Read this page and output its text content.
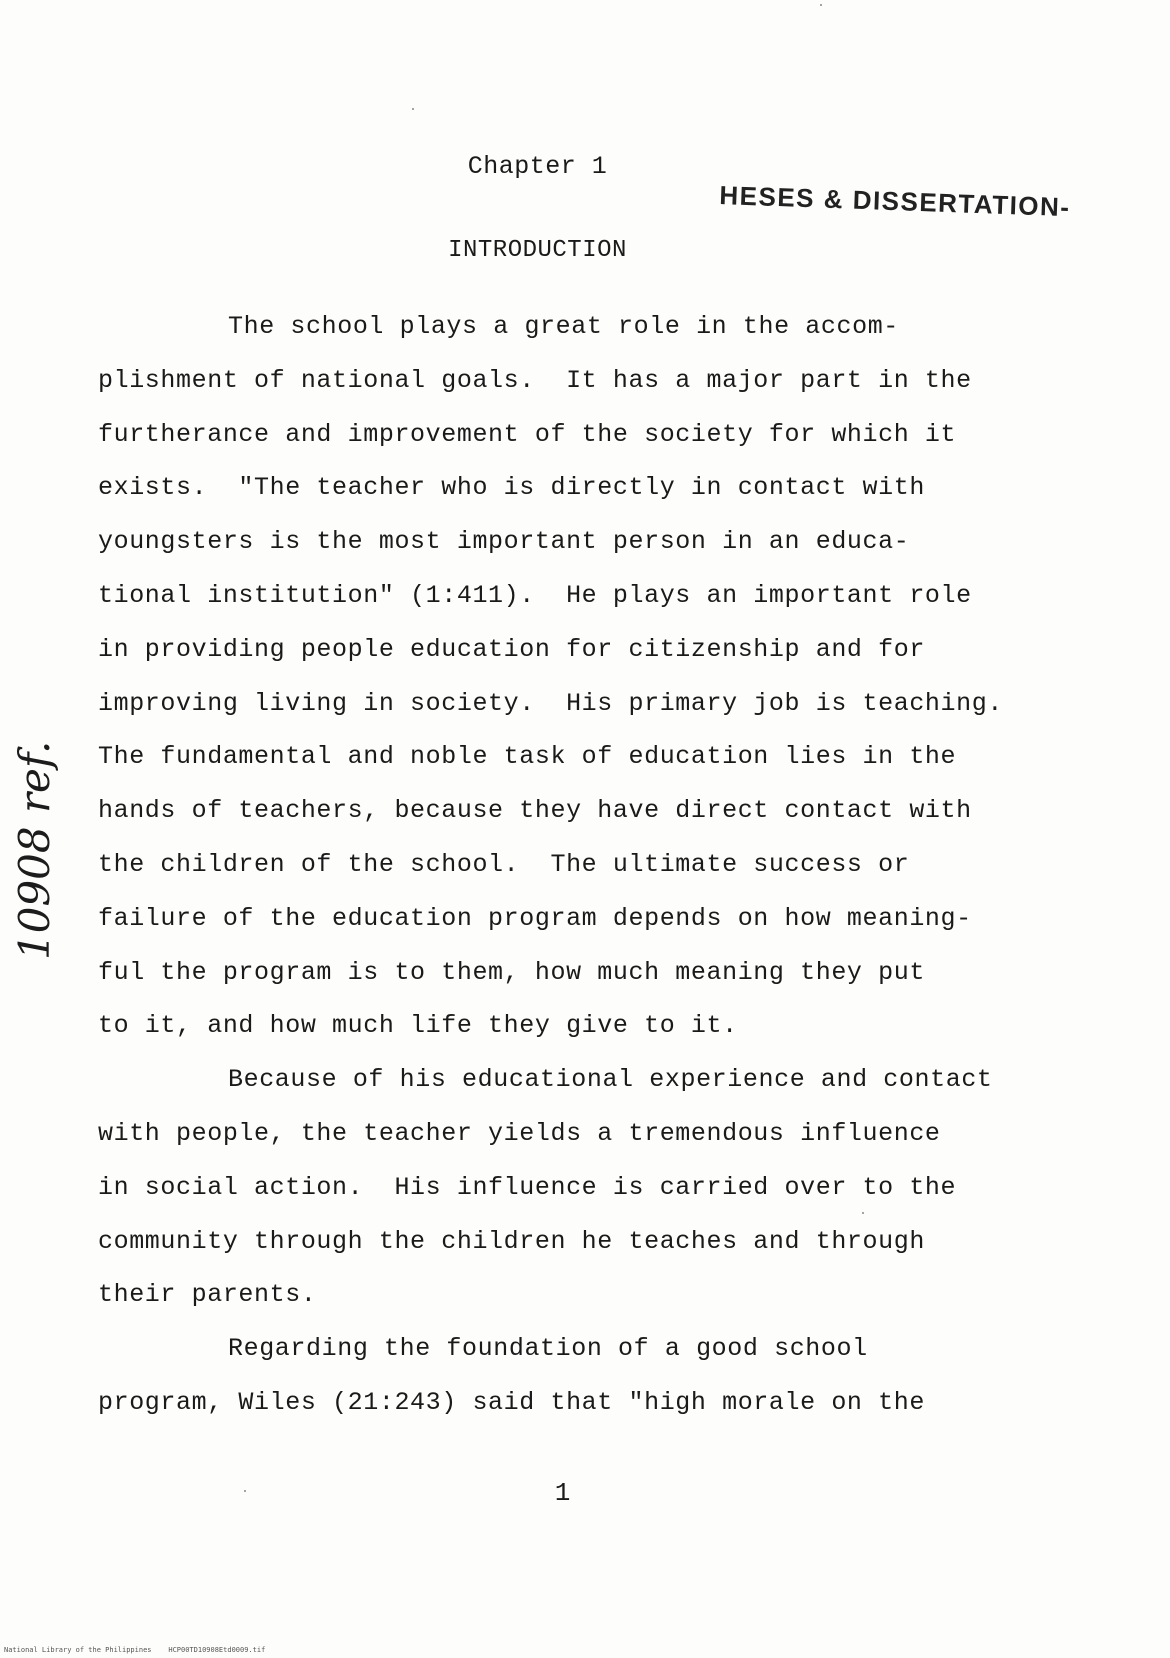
Chapter 1
HESES & DISSERTATION-
INTRODUCTION
The school plays a great role in the accom-
plishment of national goals.  It has a major part in the
furtherance and improvement of the society for which it
exists.  "The teacher who is directly in contact with
youngsters is the most important person in an educa-
tional institution" (1:411).  He plays an important role
in providing people education for citizenship and for
improving living in society.  His primary job is teaching.
The fundamental and noble task of education lies in the
hands of teachers, because they have direct contact with
the children of the school.  The ultimate success or
failure of the education program depends on how meaning-
ful the program is to them, how much meaning they put
to it, and how much life they give to it.
Because of his educational experience and contact
with people, the teacher yields a tremendous influence
in social action.  His influence is carried over to the
community through the children he teaches and through
their parents.
Regarding the foundation of a good school
program, Wiles (21:243) said that "high morale on the
10908 ref.
1
National Library of the Philippines    HCP00TD10908Etd0009.tif
